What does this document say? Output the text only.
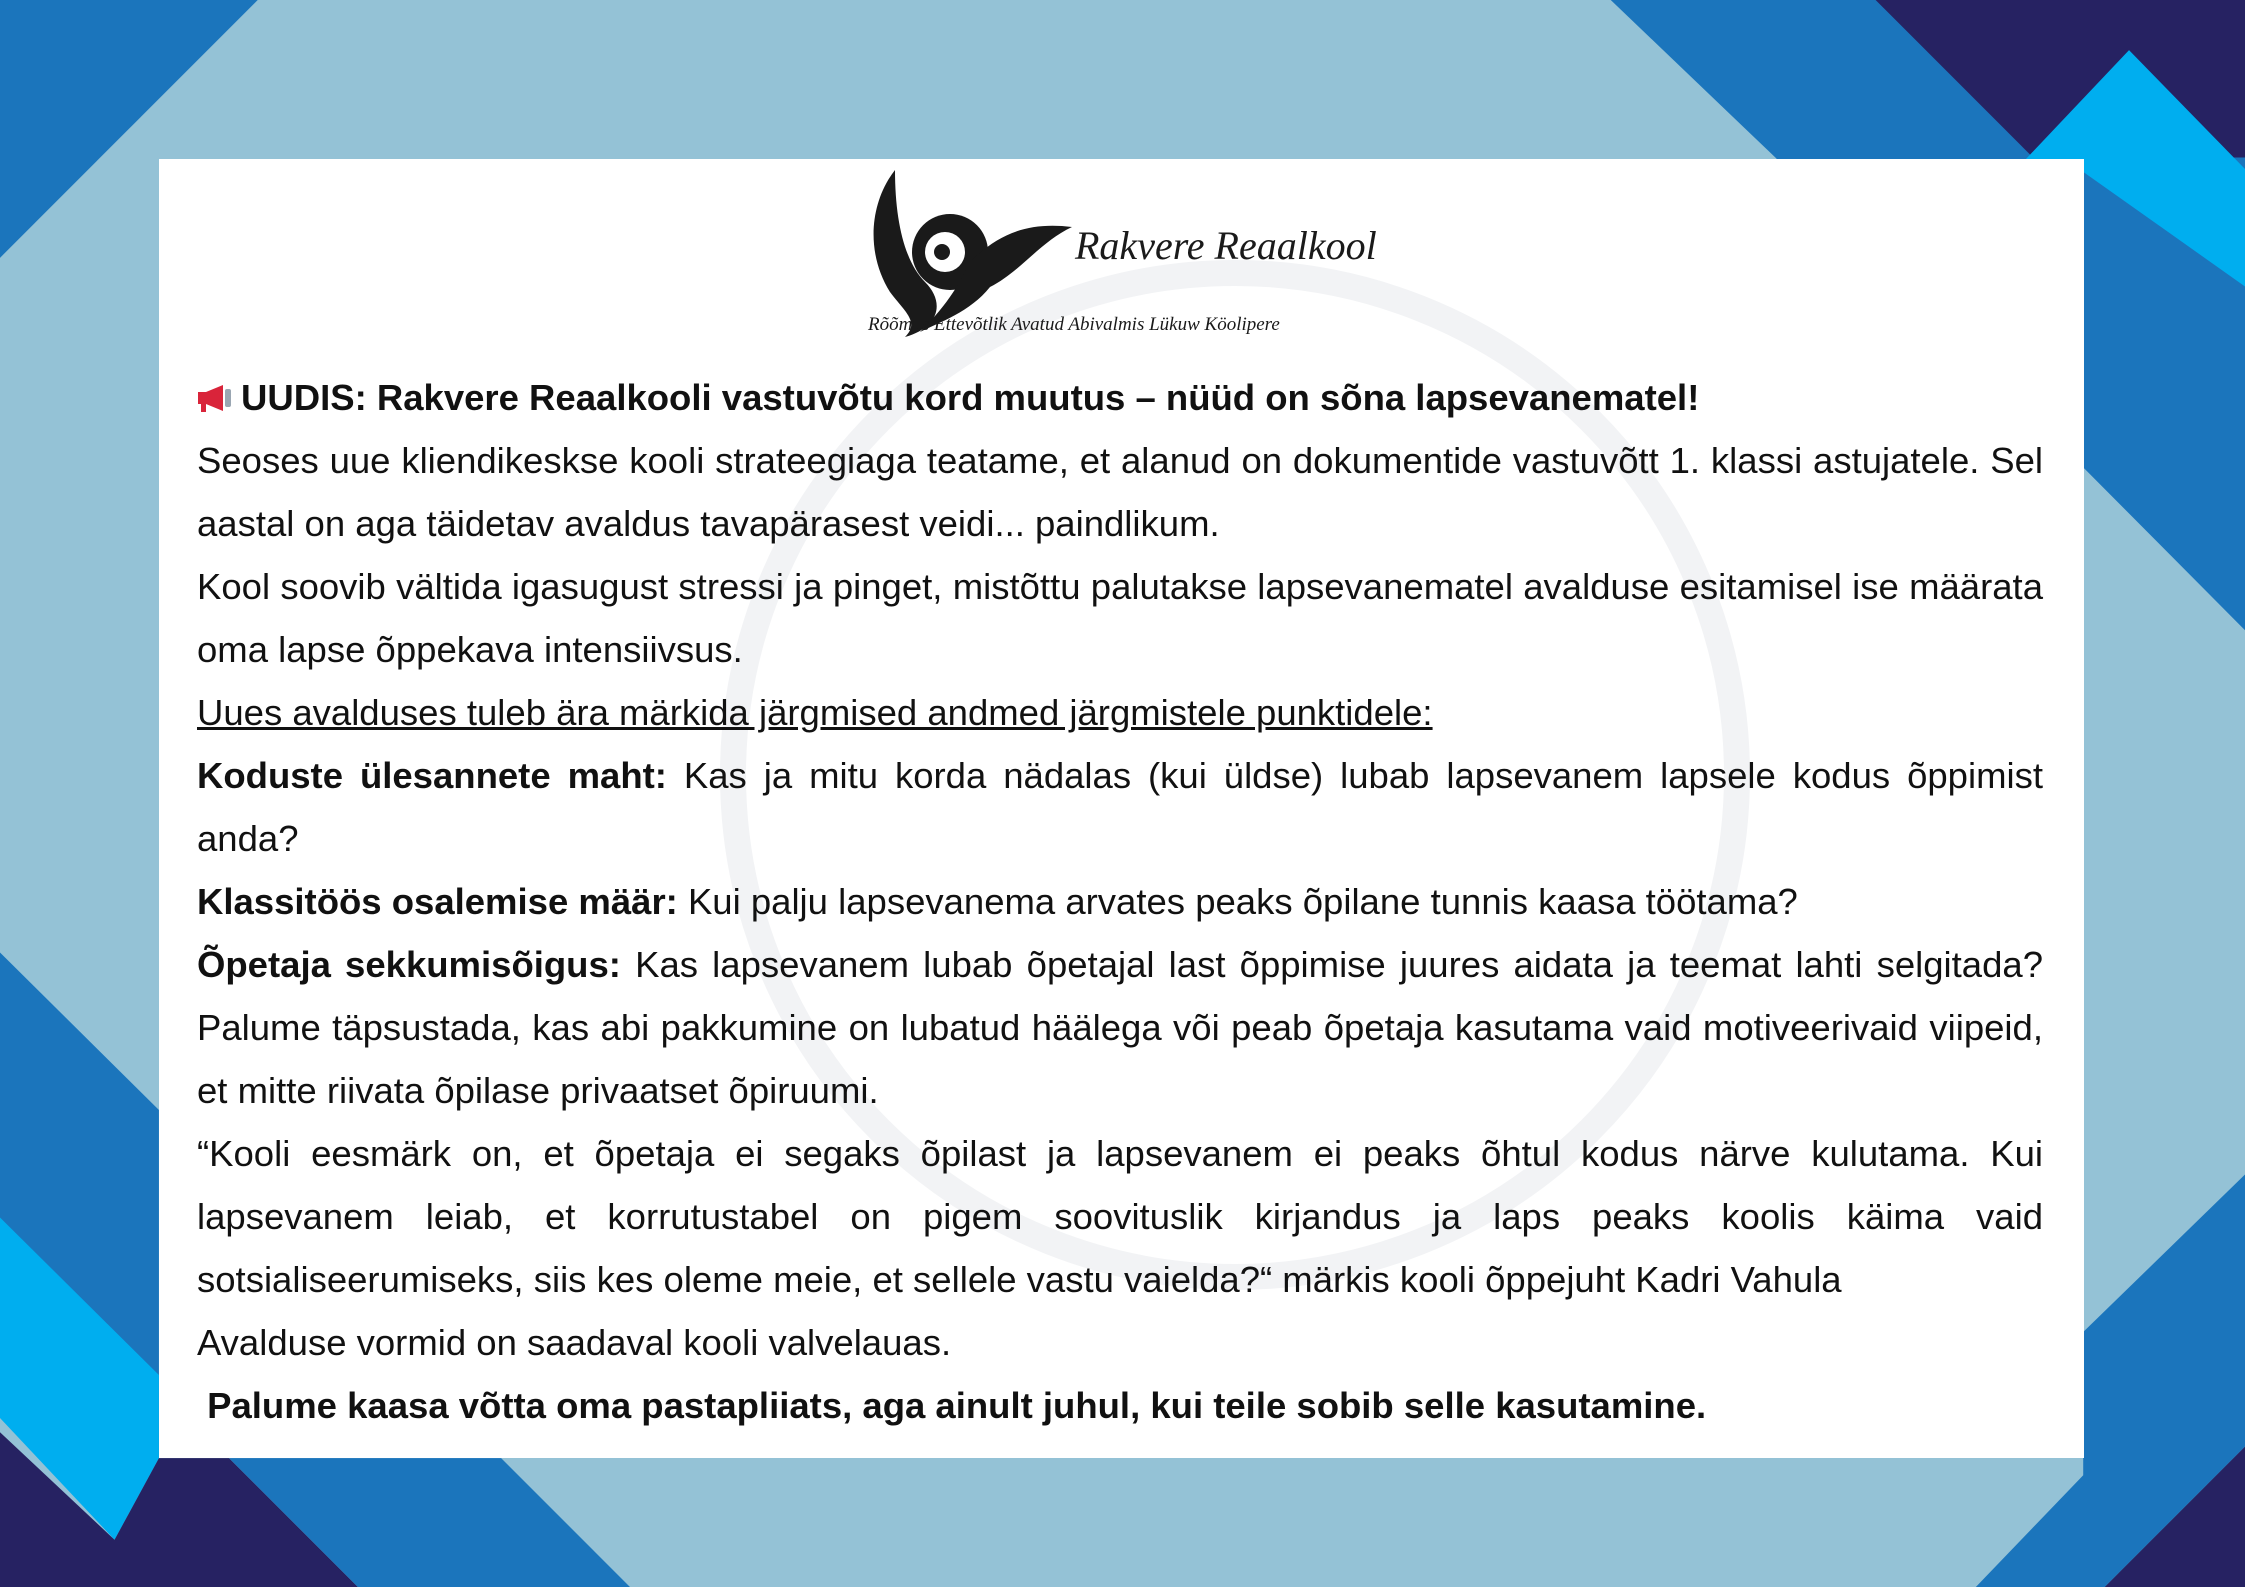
Rakvere Reaalkool
Rõõmus Ettevõtlik Avatud Abivalmis Lükuw Köolipere

UUDIS: Rakvere Reaalkooli vastuvõtu kord muutus – nüüd on sõna lapsevanematel!

Seoses uue kliendikeskse kooli strateegiaga teatame, et alanud on dokumentide vastuvõtt 1. klassi astujatele. Sel aastal on aga täidetav avaldus tavapärasest veidi... paindlikum.

Kool soovib vältida igasugust stressi ja pinget, mistõttu palutakse lapsevanematel avalduse esitamisel ise määrata oma lapse õppekava intensiivsus.

Uues avalduses tuleb ära märkida järgmised andmed järgmistele punktidele:

Koduste ülesannete maht: Kas ja mitu korda nädalas (kui üldse) lubab lapsevanem lapsele kodus õppimist anda?

Klassitöös osalemise määr: Kui palju lapsevanema arvates peaks õpilane tunnis kaasa töötama?

Õpetaja sekkumisõigus: Kas lapsevanem lubab õpetajal last õppimise juures aidata ja teemat lahti selgitada? Palume täpsustada, kas abi pakkumine on lubatud häälega või peab õpetaja kasutama vaid motiveerivaid viipeid, et mitte riivata õpilase privaatset õpiruumi.

“Kooli eesmärk on, et õpetaja ei segaks õpilast ja lapsevanem ei peaks õhtul kodus närve kulutama. Kui lapsevanem leiab, et korrutustabel on pigem soovituslik kirjandus ja laps peaks koolis käima vaid sotsialiseerumiseks, siis kes oleme meie, et sellele vastu vaielda?“ märkis kooli õppejuht Kadri Vahula

Avalduse vormid on saadaval kooli valvelauas.

Palume kaasa võtta oma pastapliiats, aga ainult juhul, kui teile sobib selle kasutamine.
